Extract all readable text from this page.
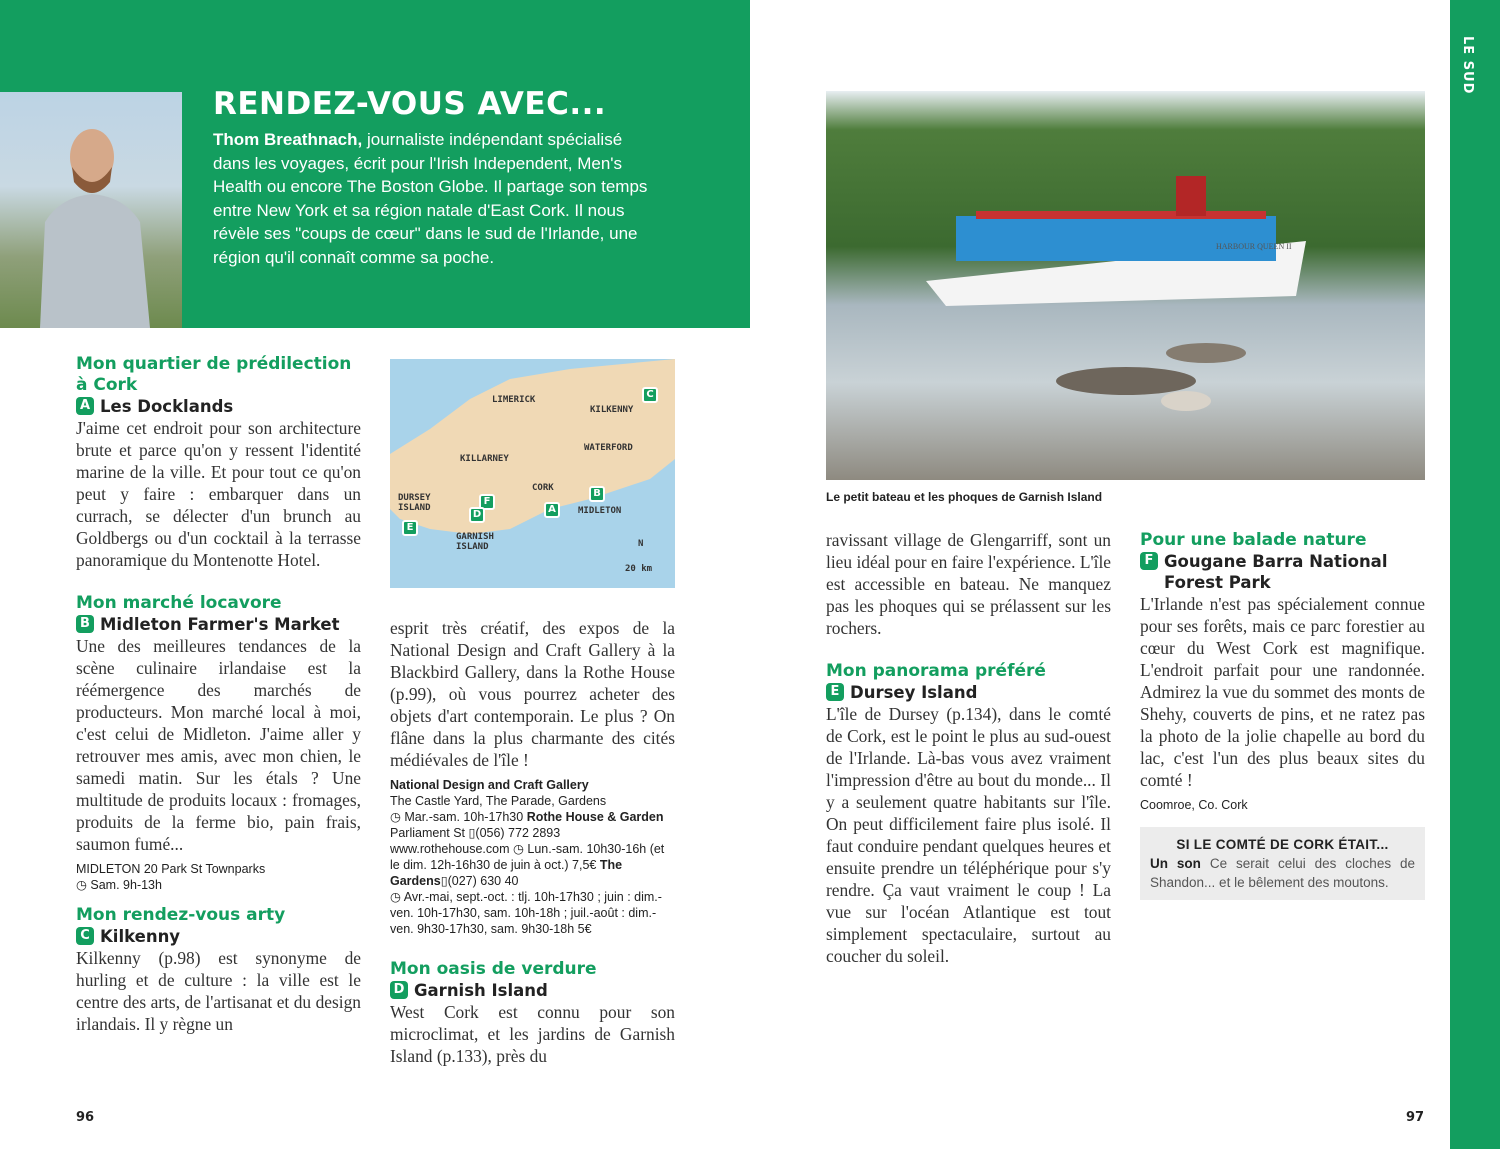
RENDEZ-VOUS AVEC...
Thom Breathnach, journaliste indépendant spécialisé dans les voyages, écrit pour l'Irish Independent, Men's Health ou encore The Boston Globe. Il partage son temps entre New York et sa région natale d'East Cork. Il nous révèle ses "coups de cœur" dans le sud de l'Irlande, une région qu'il connaît comme sa poche.
Mon quartier de prédilection à Cork
A Les Docklands

J'aime cet endroit pour son architecture brute et parce qu'on y ressent l'identité marine de la ville. Et pour tout ce qu'on peut y faire : embarquer dans un currach, se délecter d'un brunch au Goldbergs ou d'un cocktail à la terrasse panoramique du Montenotte Hotel.

Mon marché locavore
B Midleton Farmer's Market

Une des meilleures tendances de la scène culinaire irlandaise est la réémergence des marchés de producteurs. Mon marché local à moi, c'est celui de Midleton. J'aime aller y retrouver mes amis, avec mon chien, le samedi matin. Sur les étals ? Une multitude de produits locaux : fromages, produits de la ferme bio, pain frais, saumon fumé...

MIDLETON 20 Park St Townparks
◷ Sam. 9h-13h
Mon rendez-vous arty
C Kilkenny

Kilkenny (p.98) est synonyme de hurling et de culture : la ville est le centre des arts, de l'artisanat et du design irlandais. Il y règne un

LIMERICK
KILKENNY
WATERFORD
KILLARNEY
CORK
MIDLETON
DURSEY ISLAND
GARNISH ISLAND	N
20 km
C
B
A
F
D
E

esprit très créatif, des expos de la National Design and Craft Gallery à la Blackbird Gallery, dans la Rothe House (p.99), où vous pourrez acheter des objets d'art contemporain. Le plus ? On flâne dans la plus charmante des cités médiévales de l'île !

National Design and Craft Gallery
The Castle Yard, The Parade, Gardens
◷ Mar.-sam. 10h-17h30 Rothe House & Garden Parliament St ▯(056) 772 2893 www.rothehouse.com ◷ Lun.-sam. 10h30-16h (et le dim. 12h-16h30 de juin à oct.) 7,5€ The Gardens▯(027) 630 40
◷ Avr.-mai, sept.-oct. : tlj. 10h-17h30 ; juin : dim.-ven. 10h-17h30, sam. 10h-18h ; juil.-août : dim.-ven. 9h30-17h30, sam. 9h30-18h 5€
Mon oasis de verdure
D Garnish Island

West Cork est connu pour son microclimat, et les jardins de Garnish Island (p.133), près du

96
HARBOUR QUEEN II
Le petit bateau et les phoques de Garnish Island

ravissant village de Glengarriff, sont un lieu idéal pour en faire l'expérience. L'île est accessible en bateau. Ne manquez pas les phoques qui se prélassent sur les rochers.

Mon panorama préféré
E Dursey Island

L'île de Dursey (p.134), dans le comté de Cork, est le point le plus au sud-ouest de l'Irlande. Là-bas vous avez vraiment l'impression d'être au bout du monde... Il y a seulement quatre habitants sur l'île. On peut difficilement faire plus isolé. Il faut conduire pendant quelques heures et ensuite prendre un téléphérique pour s'y rendre. Ça vaut vraiment le coup ! La vue sur l'océan Atlantique est tout simplement spectaculaire, surtout au coucher du soleil.

Pour une balade nature
F Gougane Barra National Forest Park

L'Irlande n'est pas spécialement connue pour ses forêts, mais ce parc forestier au cœur du West Cork est magnifique. L'endroit parfait pour une randonnée. Admirez la vue du sommet des monts de Shehy, couverts de pins, et ne ratez pas la photo de la jolie chapelle au bord du lac, c'est l'un des plus beaux sites du comté !

Coomroe, Co. Cork
SI LE COMTÉ DE CORK ÉTAIT...
Un son Ce serait celui des cloches de Shandon... et le bêlement des moutons.
97
LE SUD
